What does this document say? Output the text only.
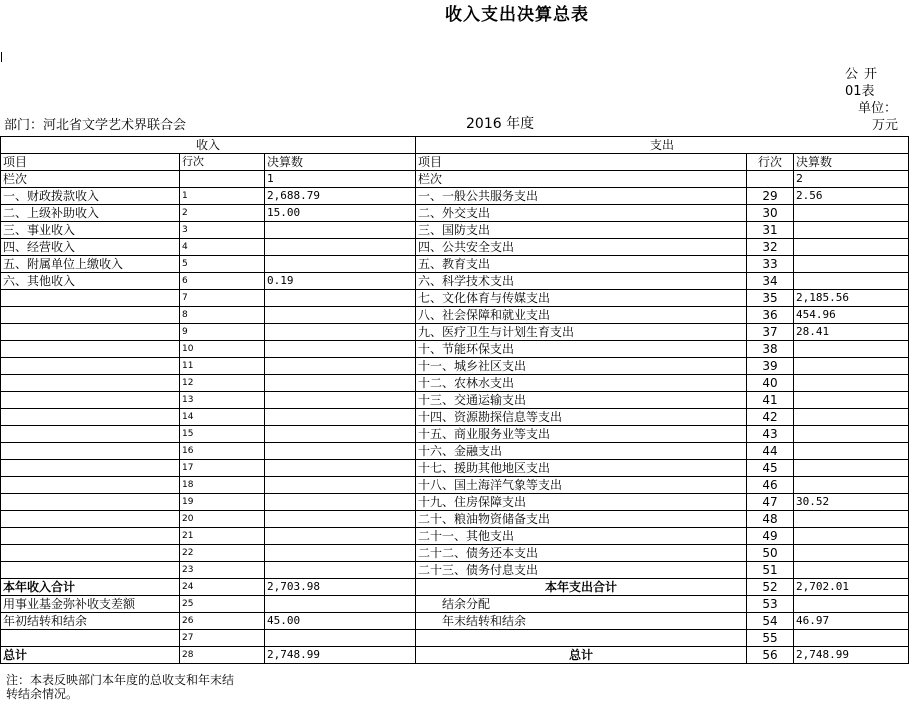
收入支出决算总表
公开
01表
单位：
万元
部门：河北省文学艺术界联合会	2016 年度
收入			支出		
项目	行次	决算数	项目	行次	决算数
栏次		1	栏次		2
一、财政拨款收入	1	2,688.79	一、一般公共服务支出	29	2.56
二、上级补助收入	2	15.00	二、外交支出	30	
三、事业收入	3		三、国防支出	31	
四、经营收入	4		四、公共安全支出	32	
五、附属单位上缴收入	5		五、教育支出	33	
六、其他收入	6	0.19	六、科学技术支出	34	
	7		七、文化体育与传媒支出	35	2,185.56
	8		八、社会保障和就业支出	36	454.96
	9		九、医疗卫生与计划生育支出	37	28.41
	10		十、节能环保支出	38	
	11		十一、城乡社区支出	39	
	12		十二、农林水支出	40	
	13		十三、交通运输支出	41	
	14		十四、资源勘探信息等支出	42	
	15		十五、商业服务业等支出	43	
	16		十六、金融支出	44	
	17		十七、援助其他地区支出	45	
	18		十八、国土海洋气象等支出	46	
	19		十九、住房保障支出	47	30.52
	20		二十、粮油物资储备支出	48	
	21		二十一、其他支出	49	
	22		二十二、债务还本支出	50	
	23		二十三、债务付息支出	51	
本年收入合计	24	2,703.98	本年支出合计	52	2,702.01
用事业基金弥补收支差额	25		结余分配	53	
年初结转和结余	26	45.00	年末结转和结余	54	46.97
	27			55	
总计	28	2,748.99	总计	56	2,748.99
注：本表反映部门本年度的总收支和年末结
转结余情况。
